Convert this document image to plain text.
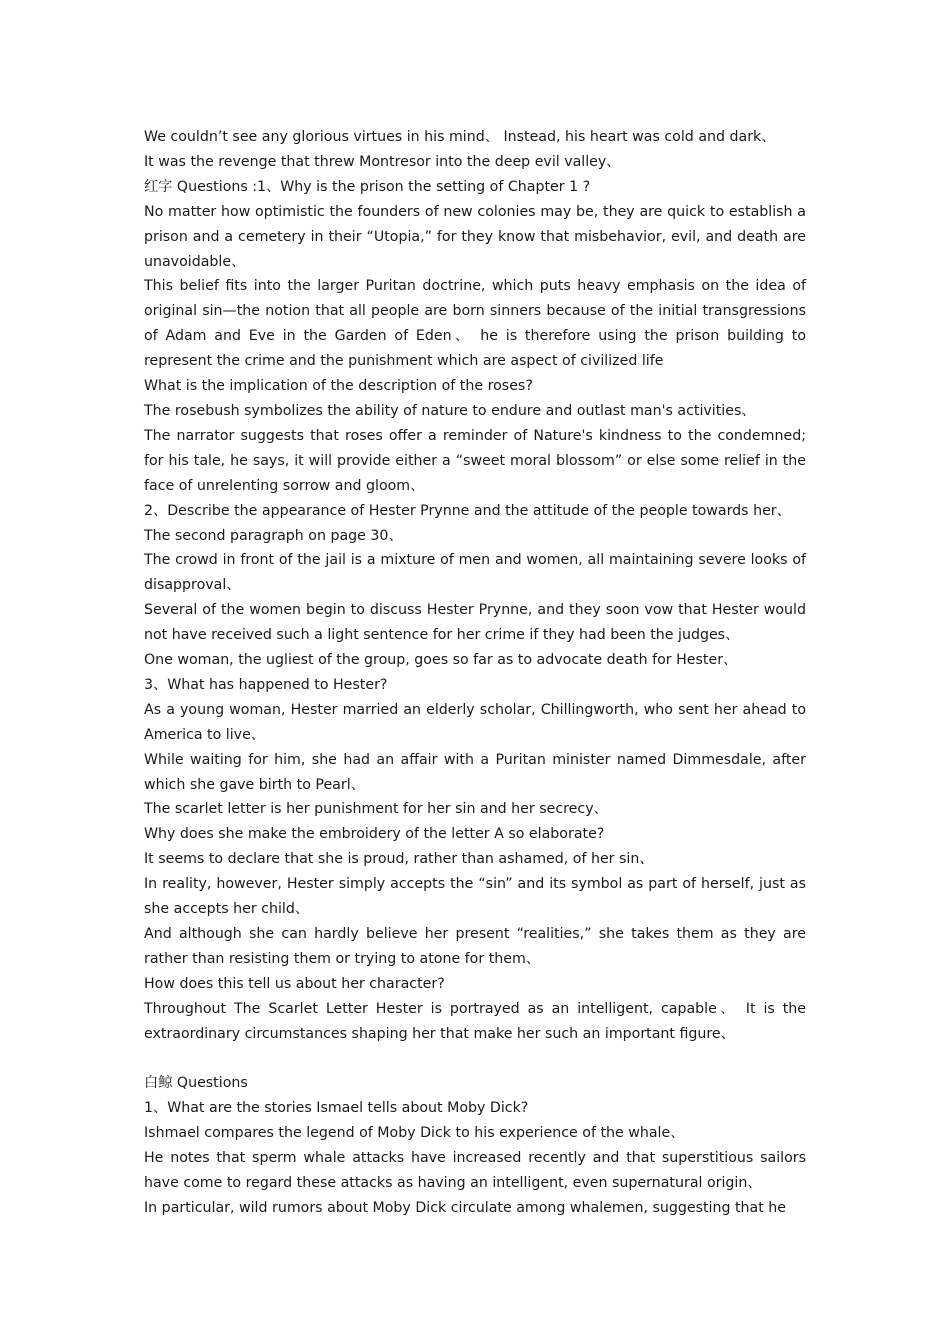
We couldn’t see any glorious virtues in his mind、 Instead, his heart was cold and dark、
It was the revenge that threw Montresor into the deep evil valley、
红字 Questions :1、Why is the prison the setting of Chapter 1 ?
No matter how optimistic the founders of new colonies may be, they are quick to establish a prison and a cemetery in their “Utopia,” for they know that misbehavior, evil, and death are unavoidable、
This belief fits into the larger Puritan doctrine, which puts heavy emphasis on the idea of original sin—the notion that all people are born sinners because of the initial transgressions of Adam and Eve in the Garden of Eden、 he is therefore using the prison building to represent the crime and the punishment which are aspect of civilized life
What is the implication of the description of the roses?
The rosebush symbolizes the ability of nature to endure and outlast man's activities、
The narrator suggests that roses offer a reminder of Nature's kindness to the condemned; for his tale, he says, it will provide either a “sweet moral blossom” or else some relief in the face of unrelenting sorrow and gloom、
2、Describe the appearance of Hester Prynne and the attitude of the people towards her、
The second paragraph on page 30、
The crowd in front of the jail is a mixture of men and women, all maintaining severe looks of disapproval、
Several of the women begin to discuss Hester Prynne, and they soon vow that Hester would not have received such a light sentence for her crime if they had been the judges、
One woman, the ugliest of the group, goes so far as to advocate death for Hester、
3、What has happened to Hester?
As a young woman, Hester married an elderly scholar, Chillingworth, who sent her ahead to America to live、
While waiting for him, she had an affair with a Puritan minister named Dimmesdale, after which she gave birth to Pearl、
The scarlet letter is her punishment for her sin and her secrecy、
Why does she make the embroidery of the letter A so elaborate?
It seems to declare that she is proud, rather than ashamed, of her sin、
In reality, however, Hester simply accepts the “sin” and its symbol as part of herself, just as she accepts her child、
And although she can hardly believe her present “realities,” she takes them as they are rather than resisting them or trying to atone for them、
How does this tell us about her character?
Throughout The Scarlet Letter Hester is portrayed as an intelligent, capable、 It is the extraordinary circumstances shaping her that make her such an important figure、

白鲸 Questions
1、What are the stories Ismael tells about Moby Dick?
Ishmael compares the legend of Moby Dick to his experience of the whale、
He notes that sperm whale attacks have increased recently and that superstitious sailors have come to regard these attacks as having an intelligent, even supernatural origin、
In particular, wild rumors about Moby Dick circulate among whalemen, suggesting that he
